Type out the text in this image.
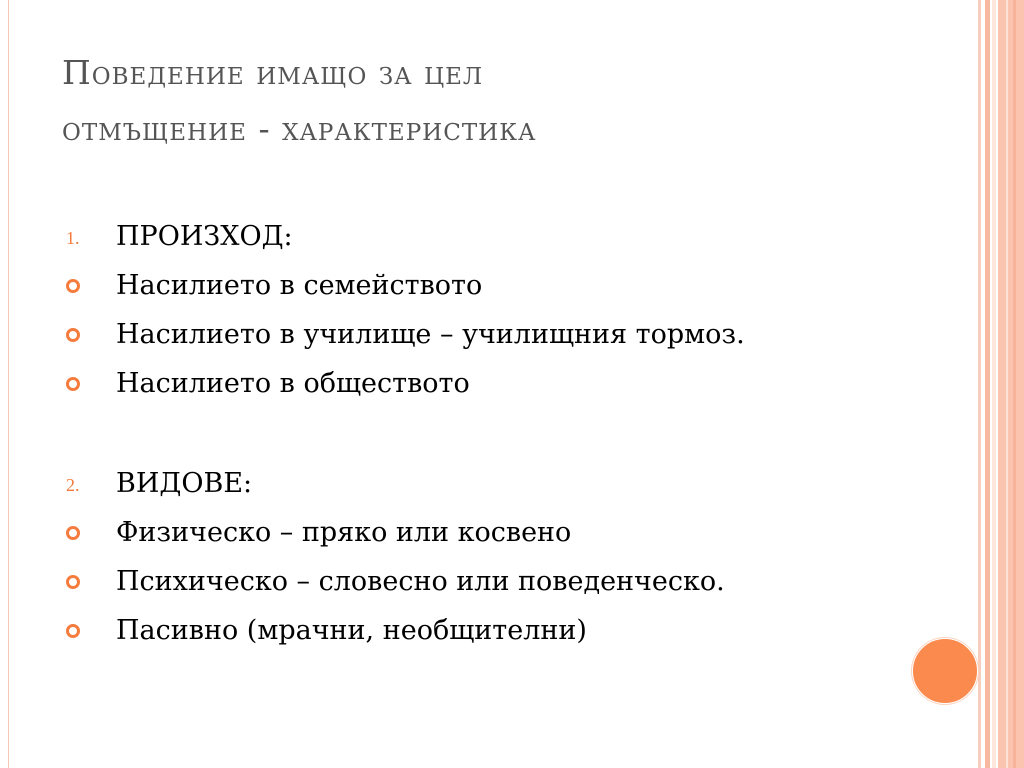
Поведение имащо за цел
отмъщение - характеристика
1. ПРОИЗХОД:
Насилието в семейството
Насилието в училище – училищния тормоз.
Насилието в обществото
2. ВИДОВЕ:
Физическо – пряко или косвено
Психическо – словесно или поведенческо.
Пасивно (мрачни, необщителни)
